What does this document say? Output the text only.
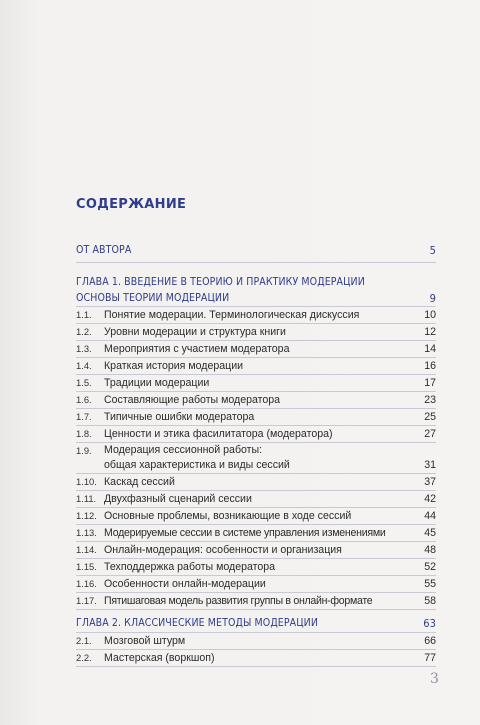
СОДЕРЖАНИЕ
ОТ АВТОРА	5
ГЛАВА 1. ВВЕДЕНИЕ В ТЕОРИЮ И ПРАКТИКУ МОДЕРАЦИИ
ОСНОВЫ ТЕОРИИ МОДЕРАЦИИ	9
1.1. Понятие модерации. Терминологическая дискуссия	10
1.2. Уровни модерации и структура книги	12
1.3. Мероприятия с участием модератора	14
1.4. Краткая история модерации	16
1.5. Традиции модерации	17
1.6. Составляющие работы модератора	23
1.7. Типичные ошибки модератора	25
1.8. Ценности и этика фасилитатора (модератора)	27
1.9. Модерация сессионной работы:
общая характеристика и виды сессий	31
1.10. Каскад сессий	37
1.11. Двухфазный сценарий сессии	42
1.12. Основные проблемы, возникающие в ходе сессий	44
1.13. Модерируемые сессии в системе управления изменениями	45
1.14. Онлайн-модерация: особенности и организация	48
1.15. Техподдержка работы модератора	52
1.16. Особенности онлайн-модерации	55
1.17. Пятишаговая модель развития группы в онлайн-формате	58
ГЛАВА 2. КЛАССИЧЕСКИЕ МЕТОДЫ МОДЕРАЦИИ	63
2.1. Мозговой штурм	66
2.2. Мастерская (воркшоп)	77
3
